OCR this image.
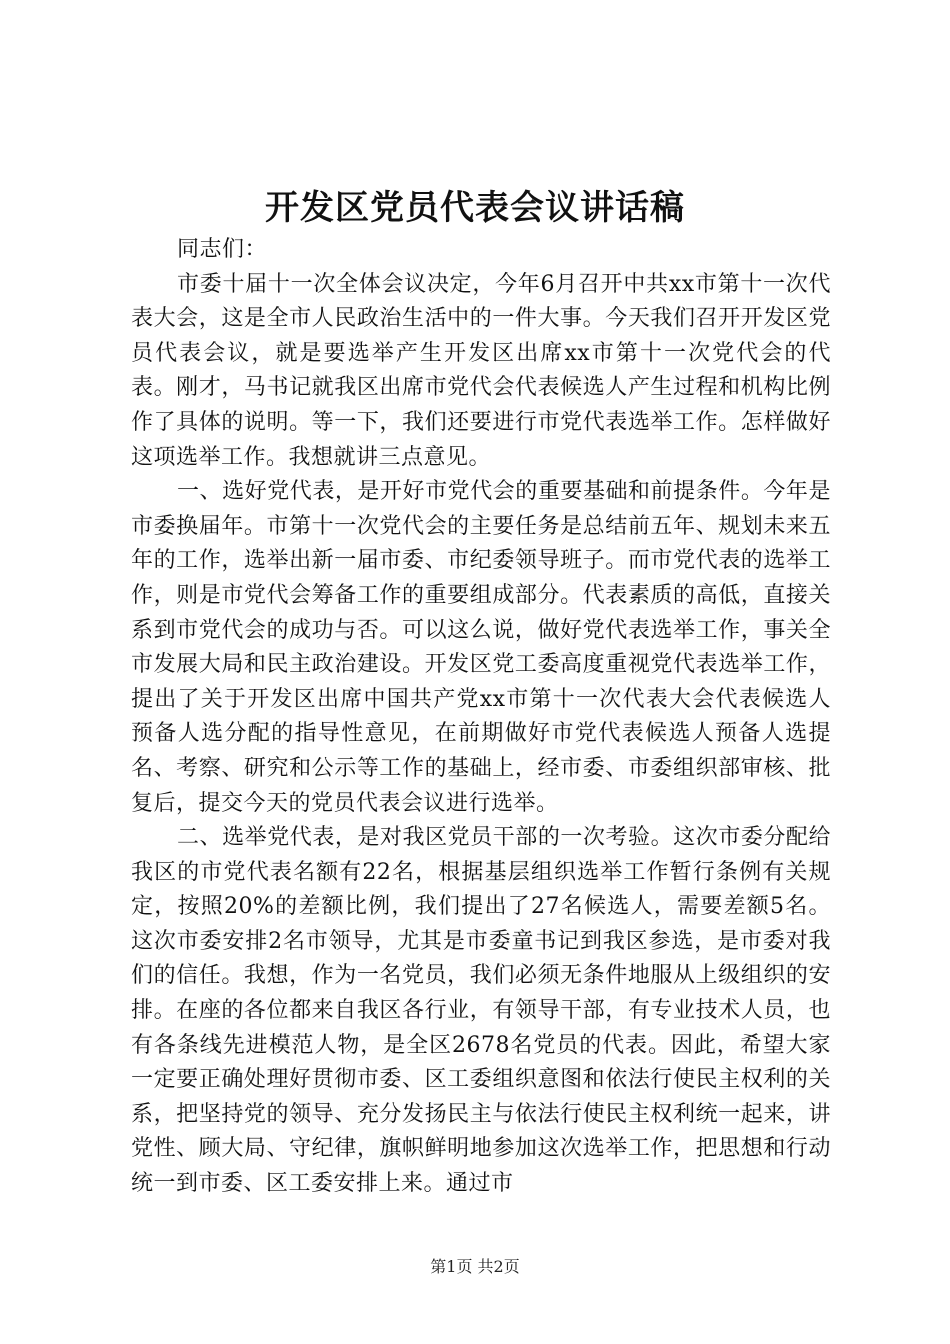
开发区党员代表会议讲话稿

同志们：

市委十届十一次全体会议决定，今年6月召开中共xx市第十一次代表大会，这是全市人民政治生活中的一件大事。今天我们召开开发区党员代表会议，就是要选举产生开发区出席xx市第十一次党代会的代表。刚才，马书记就我区出席市党代会代表候选人产生过程和机构比例作了具体的说明。等一下，我们还要进行市党代表选举工作。怎样做好这项选举工作。我想就讲三点意见。

一、选好党代表，是开好市党代会的重要基础和前提条件。今年是市委换届年。市第十一次党代会的主要任务是总结前五年、规划未来五年的工作，选举出新一届市委、市纪委领导班子。而市党代表的选举工作，则是市党代会筹备工作的重要组成部分。代表素质的高低，直接关系到市党代会的成功与否。可以这么说，做好党代表选举工作，事关全市发展大局和民主政治建设。开发区党工委高度重视党代表选举工作，提出了关于开发区出席中国共产党xx市第十一次代表大会代表候选人预备人选分配的指导性意见，在前期做好市党代表候选人预备人选提名、考察、研究和公示等工作的基础上，经市委、市委组织部审核、批复后，提交今天的党员代表会议进行选举。

二、选举党代表，是对我区党员干部的一次考验。这次市委分配给我区的市党代表名额有22名，根据基层组织选举工作暂行条例有关规定，按照20%的差额比例，我们提出了27名候选人，需要差额5名。这次市委安排2名市领导，尤其是市委童书记到我区参选，是市委对我们的信任。我想，作为一名党员，我们必须无条件地服从上级组织的安排。在座的各位都来自我区各行业，有领导干部，有专业技术人员，也有各条线先进模范人物，是全区2678名党员的代表。因此，希望大家一定要正确处理好贯彻市委、区工委组织意图和依法行使民主权利的关系，把坚持党的领导、充分发扬民主与依法行使民主权利统一起来，讲党性、顾大局、守纪律，旗帜鲜明地参加这次选举工作，把思想和行动统一到市委、区工委安排上来。通过市

第1页 共2页
